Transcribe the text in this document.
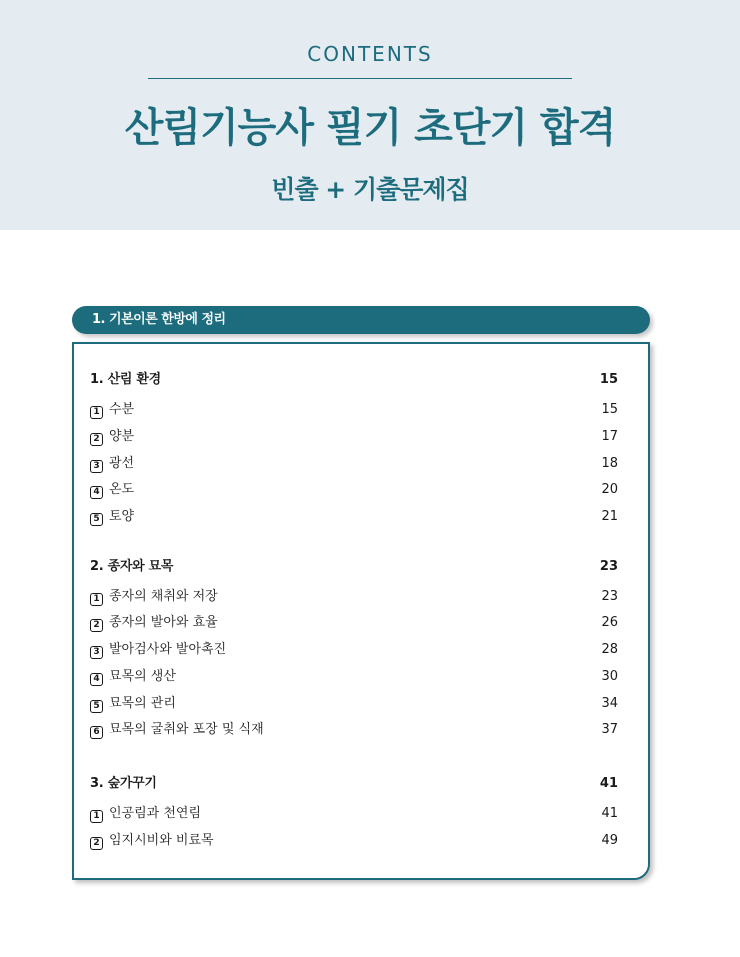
CONTENTS
산림기능사 필기 초단기 합격
빈출 + 기출문제집
1. 기본이론 한방에 정리
1. 산림 환경	15
1 수분	15
2 양분	17
3 광선	18
4 온도	20
5 토양	21
2. 종자와 묘목	23
1 종자의 채취와 저장	23
2 종자의 발아와 효율	26
3 발아검사와 발아촉진	28
4 묘목의 생산	30
5 묘목의 관리	34
6 묘목의 굴취와 포장 및 식재	37
3. 숲가꾸기	41
1 인공림과 천연림	41
2 임지시비와 비료목	49
